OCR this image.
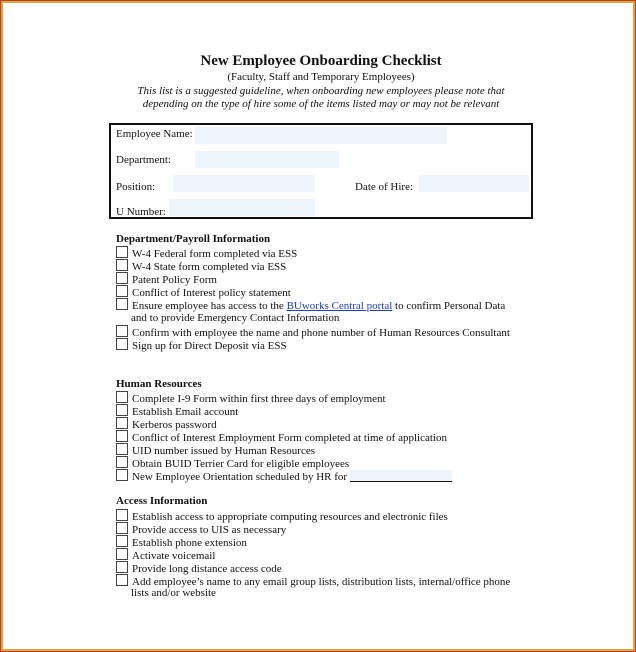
New Employee Onboarding Checklist
(Faculty, Staff and Temporary Employees)
This list is a suggested guideline, when onboarding new employees please note that
depending on the type of hire some of the items listed may or may not be relevant
Employee Name:
Department:
Position:	Date of Hire:
U Number:
Department/Payroll Information
W-4 Federal form completed via ESS
W-4 State form completed via ESS
Patent Policy Form
Conflict of Interest policy statement
Ensure employee has access to the BUworks Central portal to confirm Personal Data
and to provide Emergency Contact Information
Confirm with employee the name and phone number of Human Resources Consultant
Sign up for Direct Deposit via ESS
Human Resources
Complete I-9 Form within first three days of employment
Establish Email account
Kerberos password
Conflict of Interest Employment Form completed at time of application
UID number issued by Human Resources
Obtain BUID Terrier Card for eligible employees
New Employee Orientation scheduled by HR for
Access Information
Establish access to appropriate computing resources and electronic files
Provide access to UIS as necessary
Establish phone extension
Activate voicemail
Provide long distance access code
Add employee’s name to any email group lists, distribution lists, internal/office phone
lists and/or website
